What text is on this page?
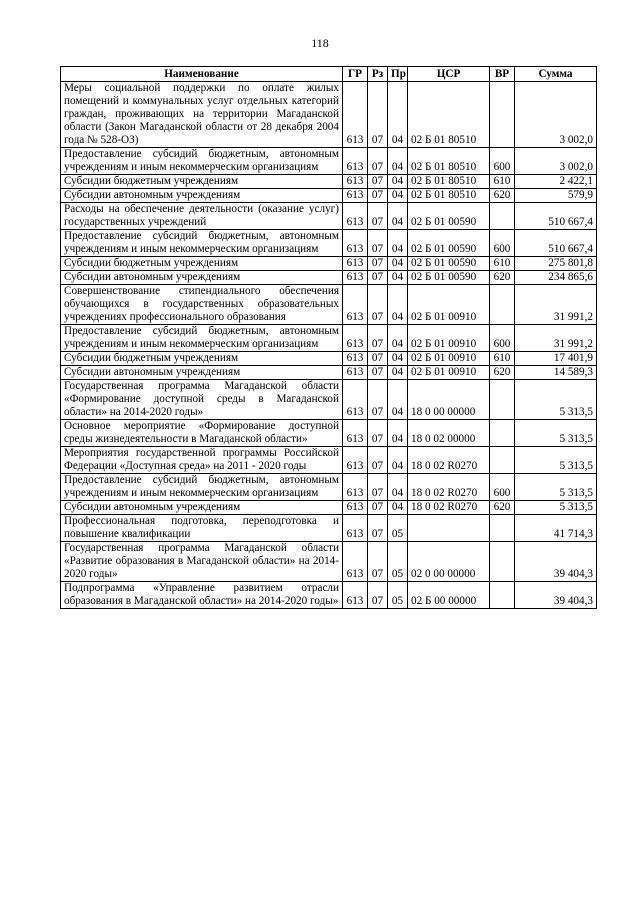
118
Наименование	ГР	Рз	Пр	ЦСР	ВР	Сумма
Меры социальной поддержки по оплате жилых помещений и коммунальных услуг отдельных категорий граждан, проживающих на территории Магаданской области (Закон Магаданской области от 28 декабря 2004 года № 528-ОЗ)	613	07	04	02 Б 01 80510		3 002,0
Предоставление субсидий бюджетным, автономным учреждениям и иным некоммерческим организациям	613	07	04	02 Б 01 80510	600	3 002,0
Субсидии бюджетным учреждениям	613	07	04	02 Б 01 80510	610	2 422,1
Субсидии автономным учреждениям	613	07	04	02 Б 01 80510	620	579,9
Расходы на обеспечение деятельности (оказание услуг) государственных учреждений	613	07	04	02 Б 01 00590		510 667,4
Предоставление субсидий бюджетным, автономным учреждениям и иным некоммерческим организациям	613	07	04	02 Б 01 00590	600	510 667,4
Субсидии бюджетным учреждениям	613	07	04	02 Б 01 00590	610	275 801,8
Субсидии автономным учреждениям	613	07	04	02 Б 01 00590	620	234 865,6
Совершенствование стипендиального обеспечения обучающихся в государственных образовательных учреждениях профессионального образования	613	07	04	02 Б 01 00910		31 991,2
Предоставление субсидий бюджетным, автономным учреждениям и иным некоммерческим организациям	613	07	04	02 Б 01 00910	600	31 991,2
Субсидии бюджетным учреждениям	613	07	04	02 Б 01 00910	610	17 401,9
Субсидии автономным учреждениям	613	07	04	02 Б 01 00910	620	14 589,3
Государственная программа Магаданской области «Формирование доступной среды в Магаданской области» на 2014-2020 годы»	613	07	04	18 0 00 00000		5 313,5
Основное мероприятие «Формирование доступной среды жизнедеятельности в Магаданской области»	613	07	04	18 0 02 00000		5 313,5
Мероприятия государственной программы Российской Федерации «Доступная среда» на 2011 - 2020 годы	613	07	04	18 0 02 R0270		5 313,5
Предоставление субсидий бюджетным, автономным учреждениям и иным некоммерческим организациям	613	07	04	18 0 02 R0270	600	5 313,5
Субсидии автономным учреждениям	613	07	04	18 0 02 R0270	620	5 313,5
Профессиональная подготовка, переподготовка и повышение квалификации	613	07	05			41 714,3
Государственная программа Магаданской области «Развитие образования в Магаданской области» на 2014-2020 годы»	613	07	05	02 0 00 00000		39 404,3
Подпрограмма «Управление развитием отрасли образования в Магаданской области» на 2014-2020 годы»	613	07	05	02 Б 00 00000		39 404,3
